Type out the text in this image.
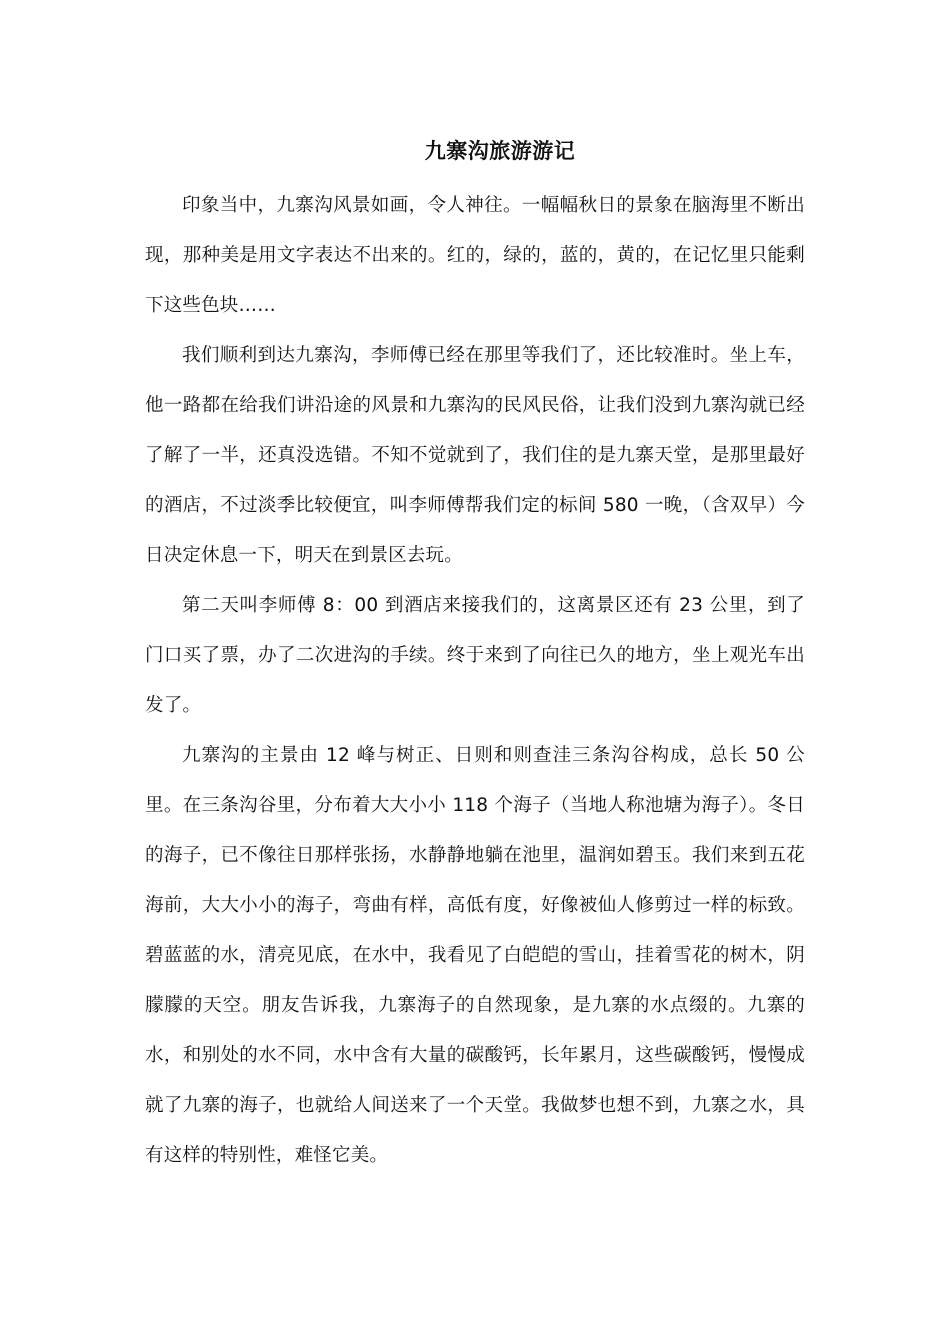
九寨沟旅游游记

印象当中，九寨沟风景如画，令人神往。一幅幅秋日的景象在脑海里不断出现，那种美是用文字表达不出来的。红的，绿的，蓝的，黄的，在记忆里只能剩下这些色块……

我们顺利到达九寨沟，李师傅已经在那里等我们了，还比较准时。坐上车，他一路都在给我们讲沿途的风景和九寨沟的民风民俗，让我们没到九寨沟就已经了解了一半，还真没选错。不知不觉就到了，我们住的是九寨天堂，是那里最好的酒店，不过淡季比较便宜，叫李师傅帮我们定的标间 580 一晚，（含双早）今日决定休息一下，明天在到景区去玩。

第二天叫李师傅 8：00 到酒店来接我们的，这离景区还有 23 公里，到了门口买了票，办了二次进沟的手续。终于来到了向往已久的地方，坐上观光车出发了。

九寨沟的主景由 12 峰与树正、日则和则查洼三条沟谷构成，总长 50 公里。在三条沟谷里，分布着大大小小 118 个海子（当地人称池塘为海子）。冬日的海子，已不像往日那样张扬，水静静地躺在池里，温润如碧玉。我们来到五花海前，大大小小的海子，弯曲有样，高低有度，好像被仙人修剪过一样的标致。碧蓝蓝的水，清亮见底，在水中，我看见了白皑皑的雪山，挂着雪花的树木，阴朦朦的天空。朋友告诉我，九寨海子的自然现象，是九寨的水点缀的。九寨的水，和别处的水不同，水中含有大量的碳酸钙，长年累月，这些碳酸钙，慢慢成就了九寨的海子，也就给人间送来了一个天堂。我做梦也想不到，九寨之水，具有这样的特别性，难怪它美。
